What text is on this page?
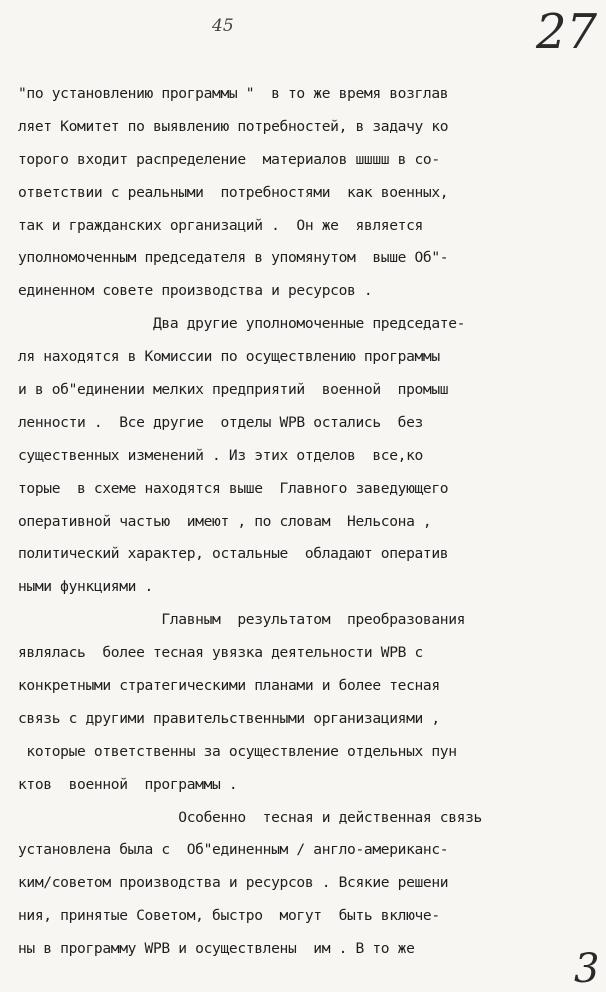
45	27
"по установлению программы "  в то же время возглав
ляет Комитет по выявлению потребностей, в задачу ко
торого входит распределение  материалов шшшш в со-
ответствии с реальными  потребностями  как военных,
так и гражданских организаций .  Он же  является
уполномоченным председателя в упомянутом  выше Об"-
единенном совете производства и ресурсов .
Два другие уполномоченные председате-
ля находятся в Комиссии по осуществлению программы
и в об"единении мелких предприятий  военной  промыш
ленности .  Все другие  отделы WPB остались  без
существенных изменений . Из этих отделов  все,ко
торые  в схеме находятся выше  Главного заведующего
оперативной частью  имеют , по словам  Нельсона ,
политический характер, остальные  обладают оператив
ными функциями .
Главным  результатом  преобразования
являлась  более тесная увязка деятельности WPB с
конкретными стратегическими планами и более тесная
связь с другими правительственными организациями ,
которые ответственны за осуществление отдельных пун
ктов  военной  программы .
Особенно  тесная и действенная связь
установлена была с  Об"единенным / англо-американс-
ким/советом производства и ресурсов . Всякие решени
ния, принятые Советом, быстро  могут  быть включе-
ны в программу WPB и осуществлены  им . В то же	3
